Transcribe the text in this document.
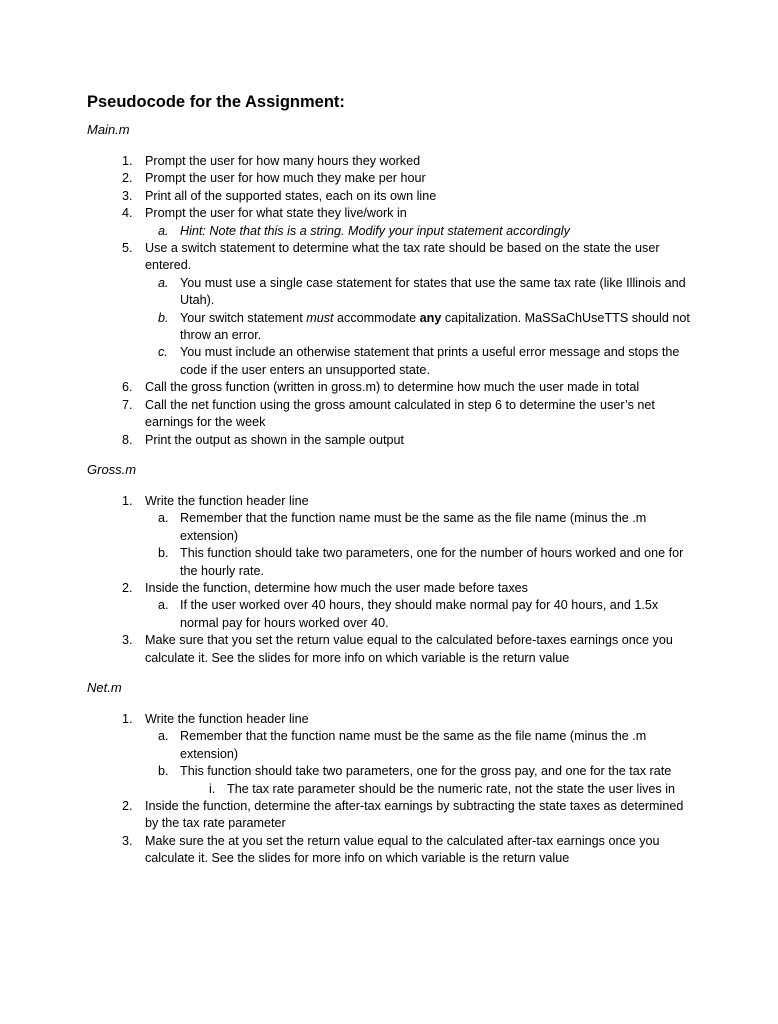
Pseudocode for the Assignment:
Main.m
1. Prompt the user for how many hours they worked
2. Prompt the user for how much they make per hour
3. Print all of the supported states, each on its own line
4. Prompt the user for what state they live/work in
a. Hint: Note that this is a string. Modify your input statement accordingly
5. Use a switch statement to determine what the tax rate should be based on the state the user entered.
a. You must use a single case statement for states that use the same tax rate (like Illinois and Utah).
b. Your switch statement must accommodate any capitalization. MaSSaChUseTTS should not throw an error.
c. You must include an otherwise statement that prints a useful error message and stops the code if the user enters an unsupported state.
6. Call the gross function (written in gross.m) to determine how much the user made in total
7. Call the net function using the gross amount calculated in step 6 to determine the user’s net earnings for the week
8. Print the output as shown in the sample output
Gross.m
1. Write the function header line
a. Remember that the function name must be the same as the file name (minus the .m extension)
b. This function should take two parameters, one for the number of hours worked and one for the hourly rate.
2. Inside the function, determine how much the user made before taxes
a. If the user worked over 40 hours, they should make normal pay for 40 hours, and 1.5x normal pay for hours worked over 40.
3. Make sure that you set the return value equal to the calculated before-taxes earnings once you calculate it. See the slides for more info on which variable is the return value
Net.m
1. Write the function header line
a. Remember that the function name must be the same as the file name (minus the .m extension)
b. This function should take two parameters, one for the gross pay, and one for the tax rate
i. The tax rate parameter should be the numeric rate, not the state the user lives in
2. Inside the function, determine the after-tax earnings by subtracting the state taxes as determined by the tax rate parameter
3. Make sure the at you set the return value equal to the calculated after-tax earnings once you calculate it. See the slides for more info on which variable is the return value
